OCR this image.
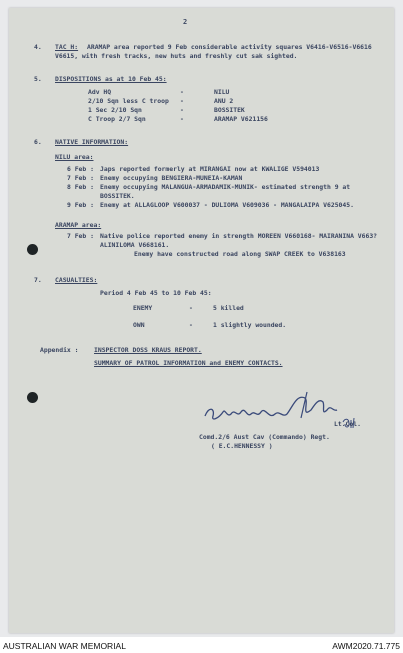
2
4. TAC H: ARAMAP area reported 9 Feb considerable activity squares V6416-V6516-V6616
V6615, with fresh tracks, new huts and freshly cut sak sighted.
5. DISPOSITIONS as at 10 Feb 45:
Adv HQ	-	NILU
2/10 Sqn less C troop -	ANU 2
1 Sec 2/10 Sqn	-	BOSSITEK
C Troop 2/7 Sqn	-	ARAMAP V621156
6. NATIVE INFORMATION:
NILU area:
6 Feb : Japs reported formerly at MIRANGAI now at KWALIGE V594013
7 Feb : Enemy occupying BENGIERA-MUNEIA-KAMAN
8 Feb : Enemy occupying MALANGUA-ARMADAMIK-MUNIK- estimated strength 9 at
BOSSITEK.
9 Feb : Enemy at ALLAGLOOP V600037 - DULIOMA V609036 - MANGALAIPA V625045.
ARAMAP area:
7 Feb : Native police reported enemy in strength MOREEN V660168- MAIRANINA V663?
ALINILOMA V668161.
Enemy have constructed road along SWAP CREEK to V638163
7. CASUALTIES:
Period 4 Feb 45 to 10 Feb 45:
ENEMY	-	5 killed
OWN	-	1 slightly wounded.
Appendix : INSPECTOR DOSS KRAUS REPORT.
SUMMARY OF PATROL INFORMATION and ENEMY CONTACTS.
Lt.Col.
Comd.2/6 Aust Cav (Commando) Regt.
( E.C.HENNESSY )
AUSTRALIAN WAR MEMORIAL	AWM2020.71.775
